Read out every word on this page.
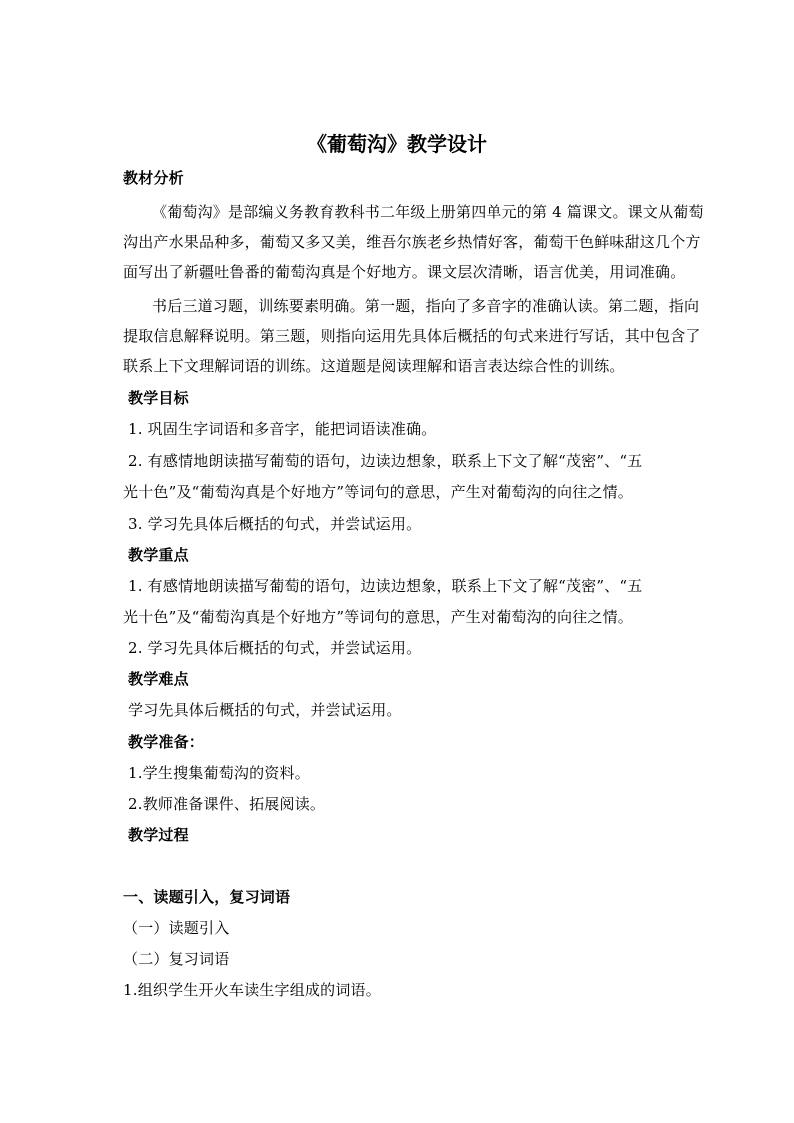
《葡萄沟》教学设计
教材分析
《葡萄沟》是部编义务教育教科书二年级上册第四单元的第 4 篇课文。课文从葡萄
沟出产水果品种多，葡萄又多又美，维吾尔族老乡热情好客，葡萄干色鲜味甜这几个方
面写出了新疆吐鲁番的葡萄沟真是个好地方。课文层次清晰，语言优美，用词准确。
书后三道习题，训练要素明确。第一题，指向了多音字的准确认读。第二题，指向
提取信息解释说明。第三题，则指向运用先具体后概括的句式来进行写话，其中包含了
联系上下文理解词语的训练。这道题是阅读理解和语言表达综合性的训练。
教学目标
1. 巩固生字词语和多音字，能把词语读准确。
2. 有感情地朗读描写葡萄的语句，边读边想象，联系上下文了解“茂密”、“五
光十色”及“葡萄沟真是个好地方”等词句的意思，产生对葡萄沟的向往之情。
3. 学习先具体后概括的句式，并尝试运用。
教学重点
1. 有感情地朗读描写葡萄的语句，边读边想象，联系上下文了解“茂密”、“五
光十色”及“葡萄沟真是个好地方”等词句的意思，产生对葡萄沟的向往之情。
2. 学习先具体后概括的句式，并尝试运用。
教学难点
学习先具体后概括的句式，并尝试运用。
教学准备：
1.学生搜集葡萄沟的资料。
2.教师准备课件、拓展阅读。
教学过程
一、读题引入，复习词语
（一）读题引入
（二）复习词语
1.组织学生开火车读生字组成的词语。
